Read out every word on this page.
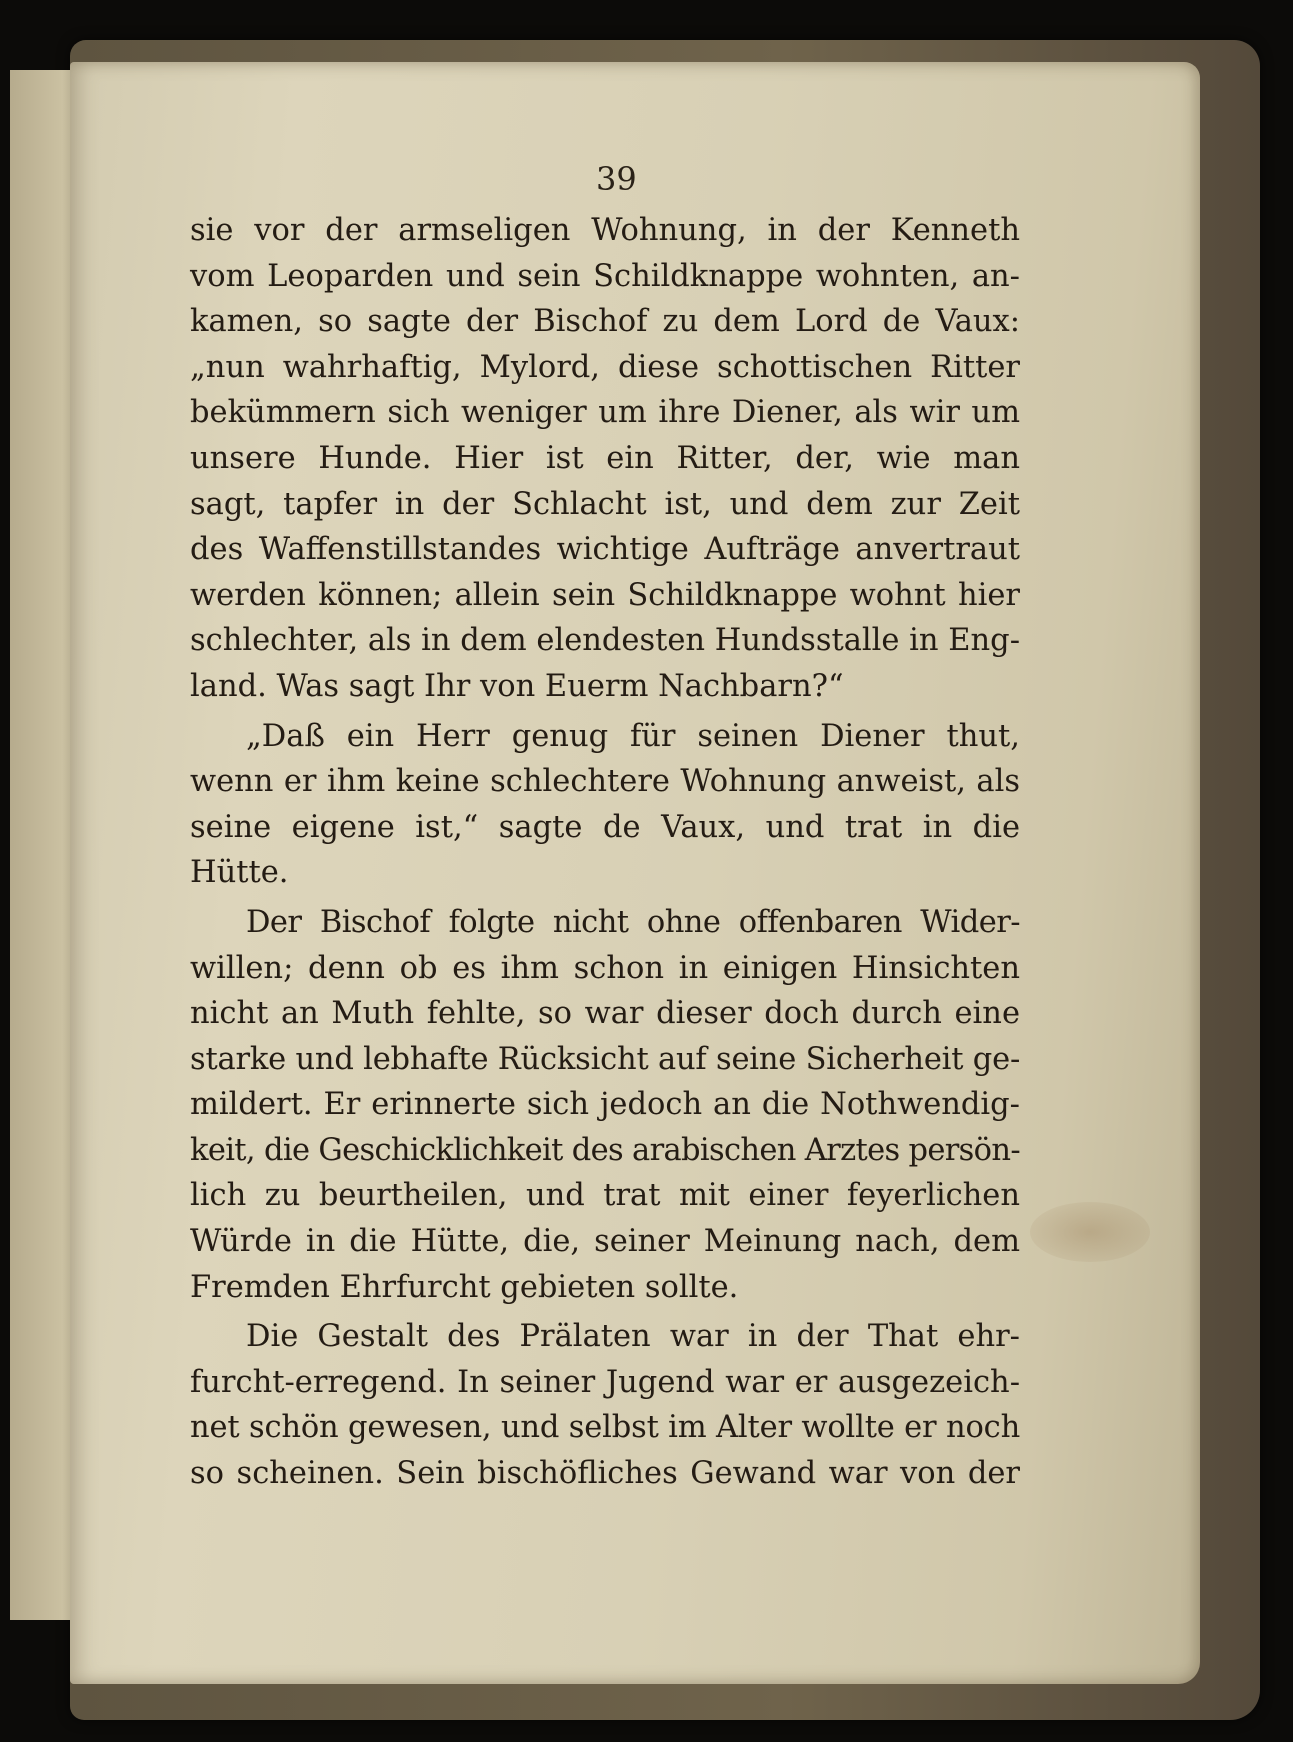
39
sie vor der armseligen Wohnung, in der Kenneth
vom Leoparden und sein Schildknappe wohnten, an-
kamen, so sagte der Bischof zu dem Lord de Vaux:
„nun wahrhaftig, Mylord, diese schottischen Ritter
bekümmern sich weniger um ihre Diener, als wir um
unsere Hunde. Hier ist ein Ritter, der, wie man
sagt, tapfer in der Schlacht ist, und dem zur Zeit
des Waffenstillstandes wichtige Aufträge anvertraut
werden können; allein sein Schildknappe wohnt hier
schlechter, als in dem elendesten Hundsstalle in Eng-
land. Was sagt Ihr von Euerm Nachbarn?“
„Daß ein Herr genug für seinen Diener thut,
wenn er ihm keine schlechtere Wohnung anweist, als
seine eigene ist,“ sagte de Vaux, und trat in die
Hütte.
Der Bischof folgte nicht ohne offenbaren Wider-
willen; denn ob es ihm schon in einigen Hinsichten
nicht an Muth fehlte, so war dieser doch durch eine
starke und lebhafte Rücksicht auf seine Sicherheit ge-
mildert. Er erinnerte sich jedoch an die Nothwendig-
keit, die Geschicklichkeit des arabischen Arztes persön-
lich zu beurtheilen, und trat mit einer feyerlichen
Würde in die Hütte, die, seiner Meinung nach, dem
Fremden Ehrfurcht gebieten sollte.
Die Gestalt des Prälaten war in der That ehr-
furcht-erregend. In seiner Jugend war er ausgezeich-
net schön gewesen, und selbst im Alter wollte er noch
so scheinen. Sein bischöfliches Gewand war von der
